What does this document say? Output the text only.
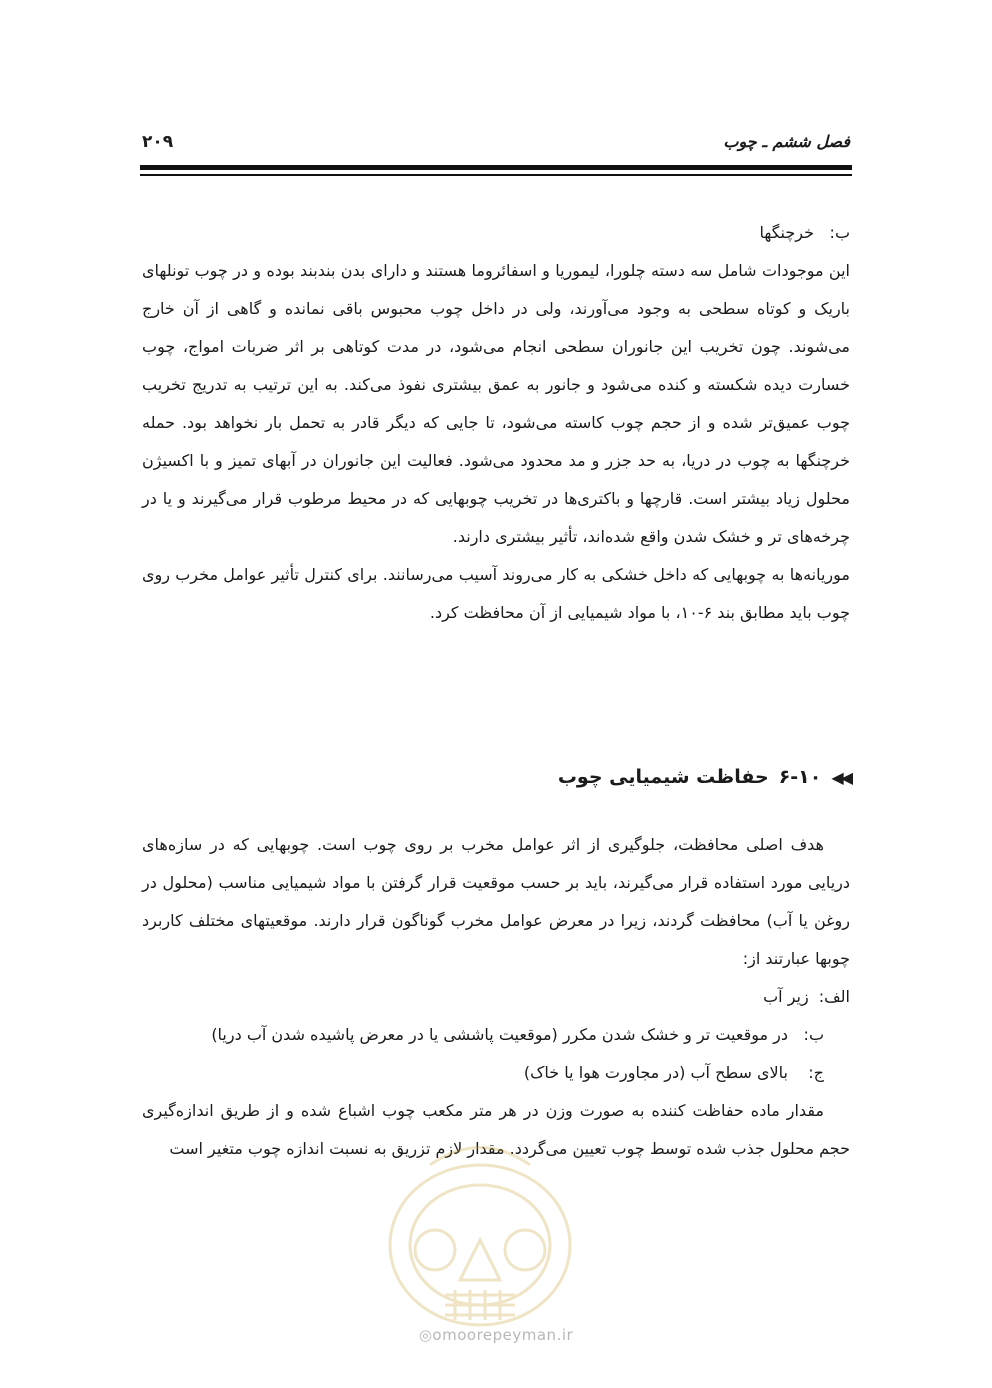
فصل ششم ـ چوب
۲۰۹
ب:
خرچنگها

این موجودات شامل سه دسته چلورا، لیموریا و اسفائروما هستند و دارای بدن بندبند بوده و در چوب تونلهای باریک و کوتاه سطحی به وجود می‌آورند، ولی در داخل چوب محبوس باقی نمانده و گاهی از آن خارج می‌شوند. چون تخریب این جانوران سطحی انجام می‌شود، در مدت کوتاهی بر اثر ضربات امواج، چوب خسارت دیده شکسته و کنده می‌شود و جانور به عمق بیشتری نفوذ می‌کند. به این ترتیب به تدریج تخریب چوب عمیق‌تر شده و از حجم چوب کاسته می‌شود، تا جایی که دیگر قادر به تحمل بار نخواهد بود. حمله خرچنگها به چوب در دریا، به حد جزر و مد محدود می‌شود. فعالیت این جانوران در آبهای تمیز و با اکسیژن محلول زیاد بیشتر است. قارچها و باکتری‌ها در تخریب چوبهایی که در محیط مرطوب قرار می‌گیرند و یا در چرخه‌های تر و خشک شدن واقع شده‌اند، تأثیر بیشتری دارند.

موریانه‌ها به چوبهایی که داخل خشکی به کار می‌روند آسیب می‌رسانند. برای کنترل تأثیر عوامل مخرب روی چوب باید مطابق بند ۶-۱۰، با مواد شیمیایی از آن محافظت کرد.

◀◀
۶-۱۰
حفاظت شیمیایی چوب

هدف اصلی محافظت، جلوگیری از اثر عوامل مخرب بر روی چوب است. چوبهایی که در سازه‌های دریایی مورد استفاده قرار می‌گیرند، باید بر حسب موقعیت قرار گرفتن با مواد شیمیایی مناسب (محلول در روغن یا آب) محافظت گردند، زیرا در معرض عوامل مخرب گوناگون قرار دارند. موقعیتهای مختلف کاربرد چوبها عبارتند از:

الف:
زیر آب
ب:
در موقعیت تر و خشک شدن مکرر (موقعیت پاششی یا در معرض پاشیده شدن آب دریا)
ج:
بالای سطح آب (در مجاورت هوا یا خاک)

مقدار ماده حفاظت کننده به صورت وزن در هر متر مکعب چوب اشباع شده و از طریق اندازه‌گیری حجم محلول جذب شده توسط چوب تعیین می‌گردد. مقدار لازم تزریق به نسبت اندازه چوب متغیر است

◎omoorepeyman.ir
